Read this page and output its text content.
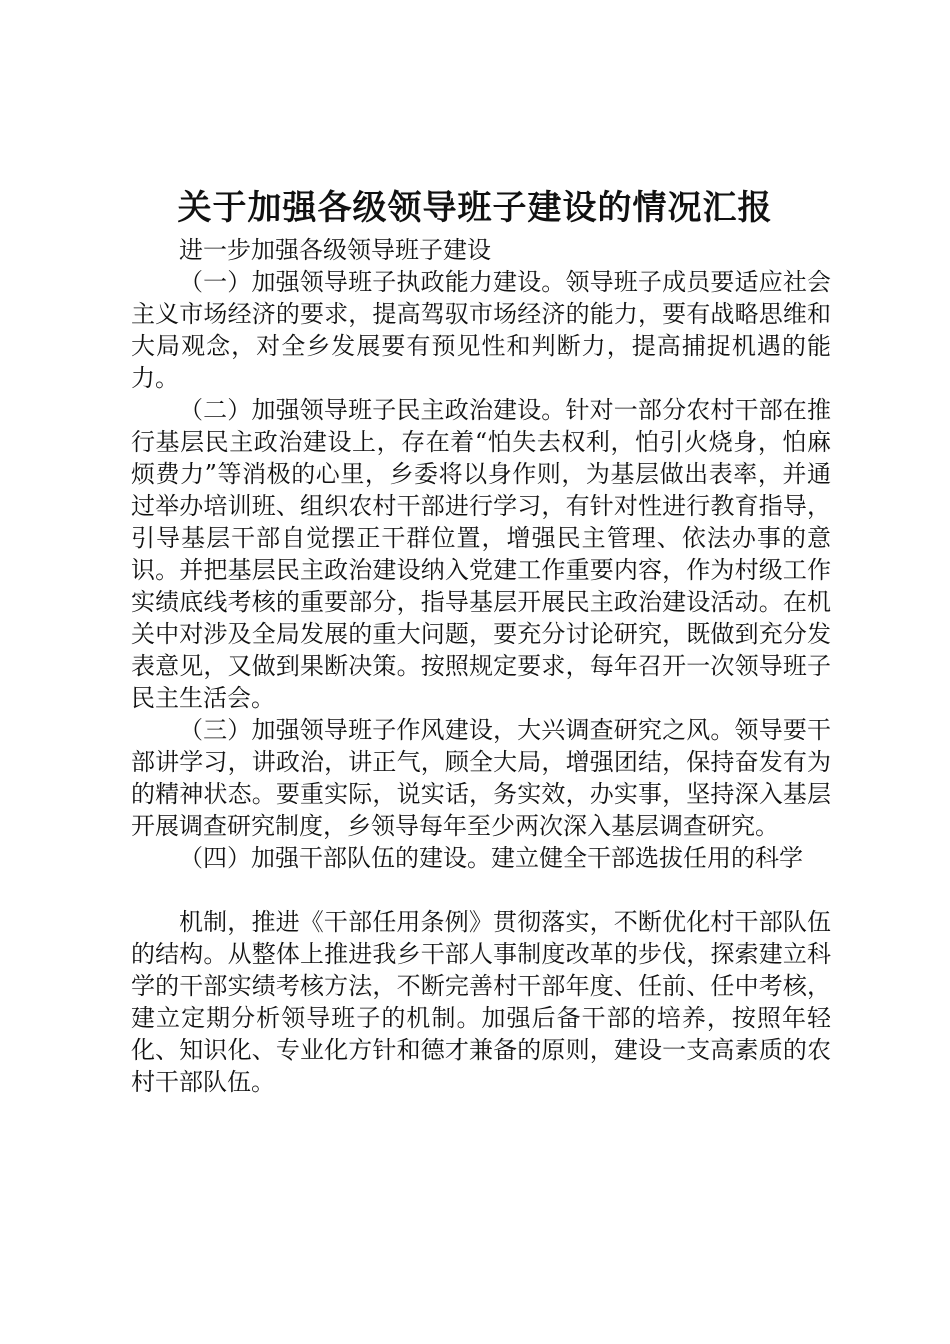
关于加强各级领导班子建设的情况汇报

进一步加强各级领导班子建设

（一）加强领导班子执政能力建设。领导班子成员要适应社会主义市场经济的要求，提高驾驭市场经济的能力，要有战略思维和大局观念，对全乡发展要有预见性和判断力，提高捕捉机遇的能力。

（二）加强领导班子民主政治建设。针对一部分农村干部在推行基层民主政治建设上，存在着“怕失去权利，怕引火烧身，怕麻烦费力”等消极的心里，乡委将以身作则，为基层做出表率，并通过举办培训班、组织农村干部进行学习，有针对性进行教育指导，引导基层干部自觉摆正干群位置，增强民主管理、依法办事的意识。并把基层民主政治建设纳入党建工作重要内容，作为村级工作实绩底线考核的重要部分，指导基层开展民主政治建设活动。在机关中对涉及全局发展的重大问题，要充分讨论研究，既做到充分发表意见，又做到果断决策。按照规定要求，每年召开一次领导班子民主生活会。

（三）加强领导班子作风建设，大兴调查研究之风。领导要干部讲学习，讲政治，讲正气，顾全大局，增强团结，保持奋发有为的精神状态。要重实际，说实话，务实效，办实事，坚持深入基层开展调查研究制度，乡领导每年至少两次深入基层调查研究。

（四）加强干部队伍的建设。建立健全干部选拔任用的科学

机制，推进《干部任用条例》贯彻落实，不断优化村干部队伍的结构。从整体上推进我乡干部人事制度改革的步伐，探索建立科学的干部实绩考核方法，不断完善村干部年度、任前、任中考核，建立定期分析领导班子的机制。加强后备干部的培养，按照年轻化、知识化、专业化方针和德才兼备的原则，建设一支高素质的农村干部队伍。
